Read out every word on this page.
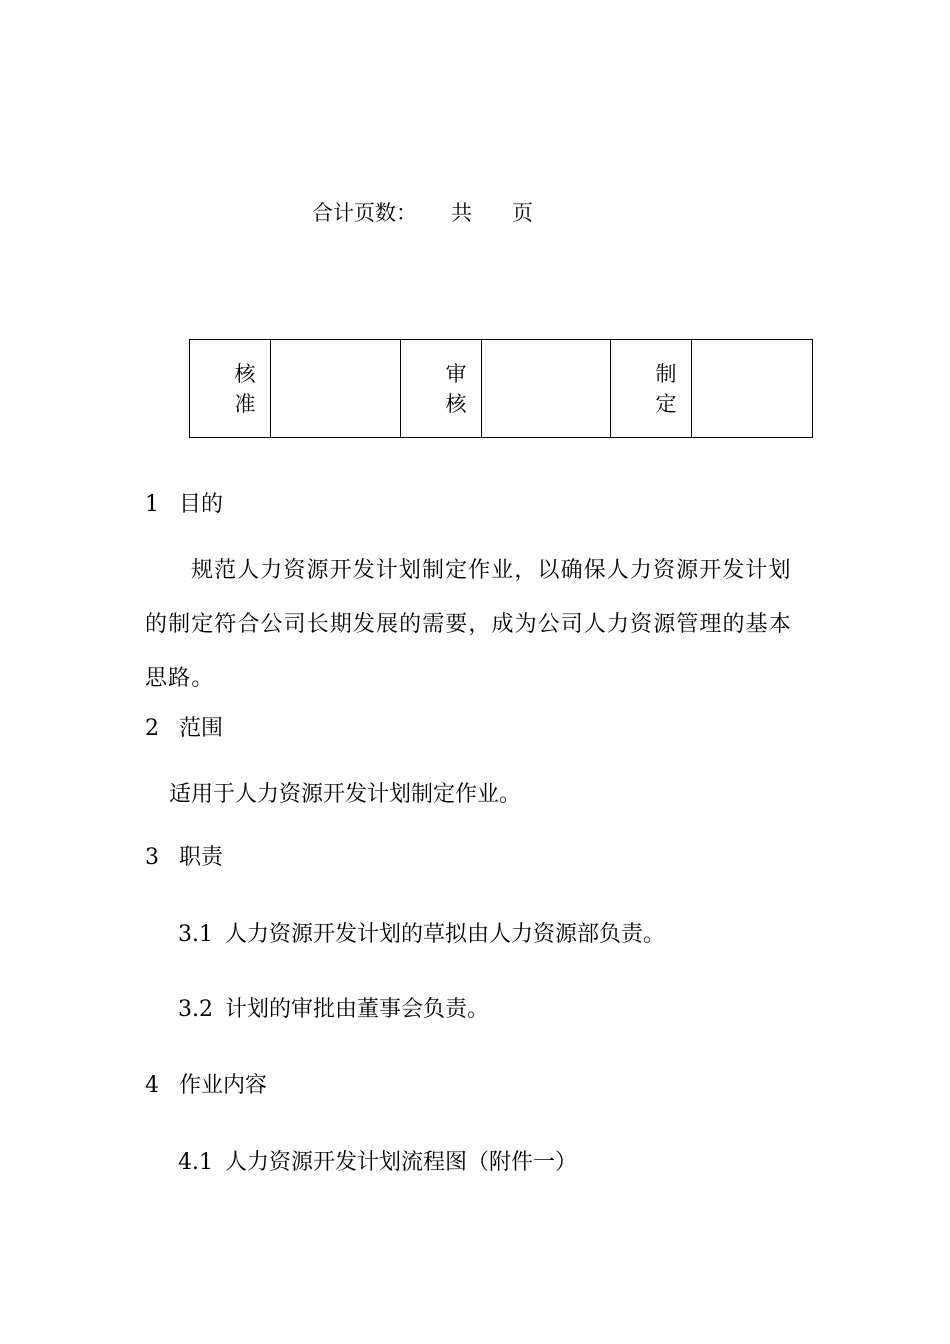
合计页数： 共 页
核准		审核		制定	
1 目的
规范人力资源开发计划制定作业，以确保人力资源开发计划的制定符合公司长期发展的需要，成为公司人力资源管理的基本思路。
2 范围
适用于人力资源开发计划制定作业。
3 职责
3.1 人力资源开发计划的草拟由人力资源部负责。
3.2 计划的审批由董事会负责。
4 作业内容
4.1 人力资源开发计划流程图（附件一）
